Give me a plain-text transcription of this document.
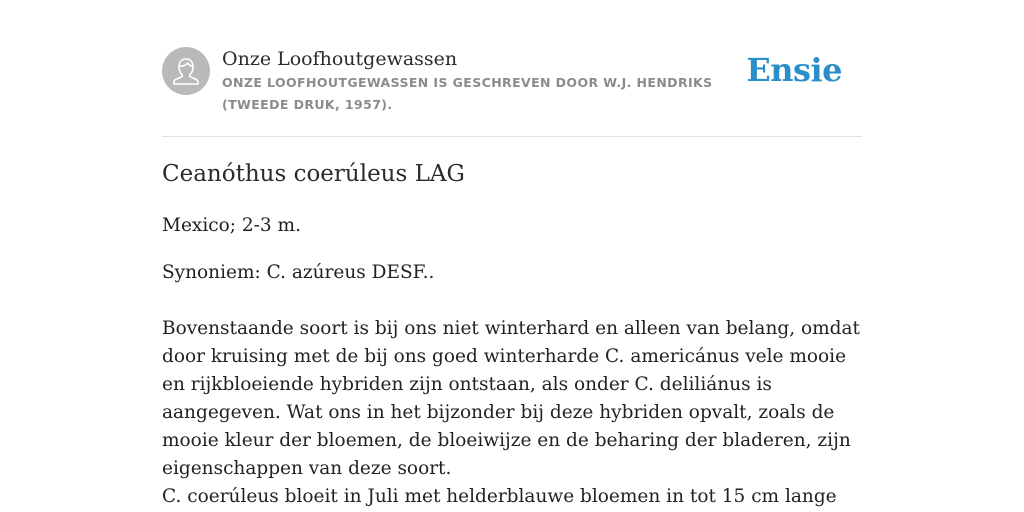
Onze Loofhoutgewassen
ONZE LOOFHOUTGEWASSEN IS GESCHREVEN DOOR W.J. HENDRIKS (TWEEDE DRUK, 1957).
Ensie
Ceanóthus coerúleus LAG
Mexico; 2-3 m.
Synoniem: C. azúreus DESF..
Bovenstaande soort is bij ons niet winterhard en alleen van belang, omdat door kruising met de bij ons goed winterharde C. americánus vele mooie en rijkbloeiende hybriden zijn ontstaan, als onder C. deliliánus is aangegeven. Wat ons in het bijzonder bij deze hybriden opvalt, zoals de mooie kleur der bloemen, de bloeiwijze en de beharing der bladeren, zijn eigenschappen van deze soort.
C. coerúleus bloeit in Juli met helderblauwe bloemen in tot 15 cm lange
